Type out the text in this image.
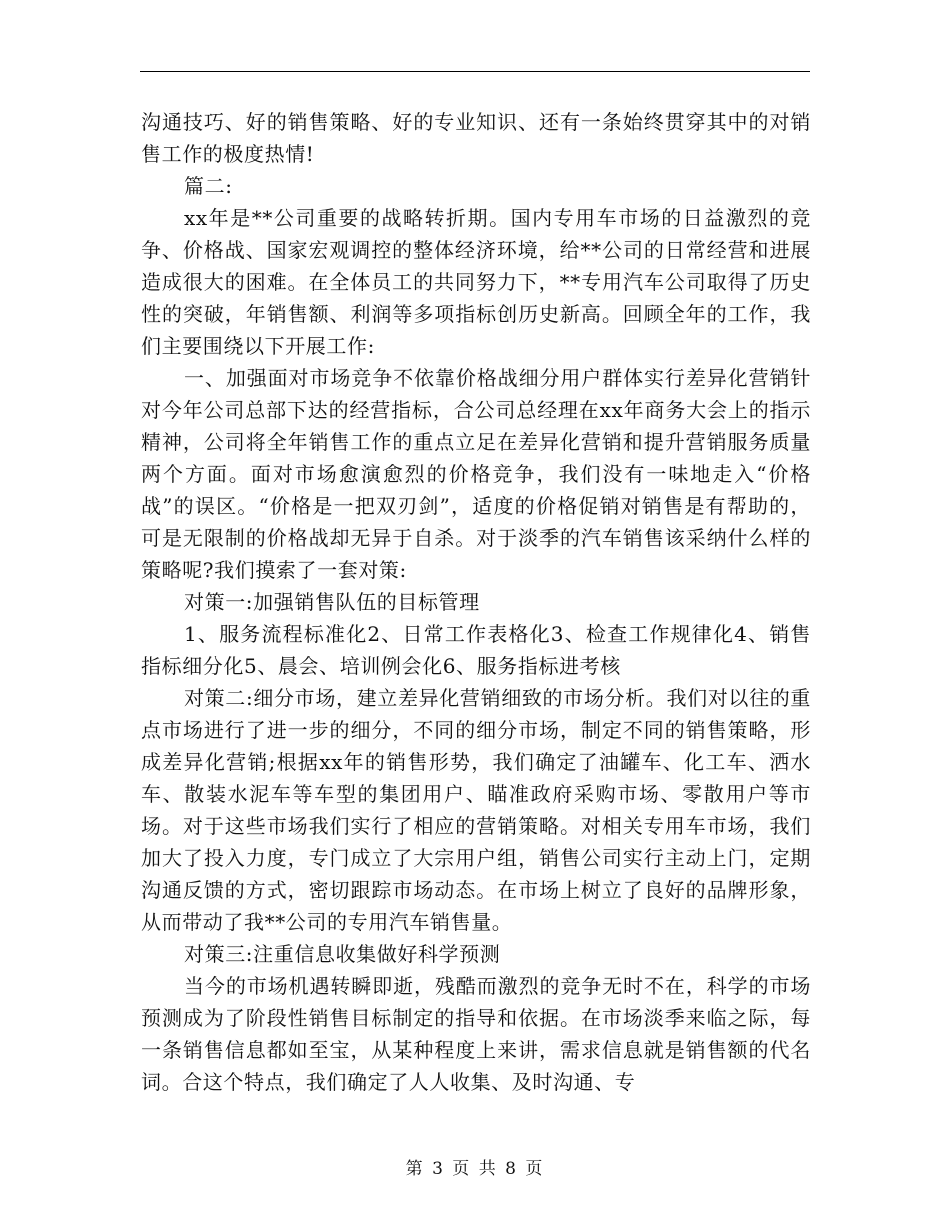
沟通技巧、好的销售策略、好的专业知识、还有一条始终贯穿其中的对销售工作的极度热情!

篇二:

xx年是**公司重要的战略转折期。国内专用车市场的日益激烈的竞争、价格战、国家宏观调控的整体经济环境，给**公司的日常经营和进展造成很大的困难。在全体员工的共同努力下，**专用汽车公司取得了历史性的突破，年销售额、利润等多项指标创历史新高。回顾全年的工作，我们主要围绕以下开展工作:

一、加强面对市场竞争不依靠价格战细分用户群体实行差异化营销针对今年公司总部下达的经营指标，合公司总经理在xx年商务大会上的指示精神，公司将全年销售工作的重点立足在差异化营销和提升营销服务质量两个方面。面对市场愈演愈烈的价格竞争，我们没有一味地走入“价格战”的误区。“价格是一把双刃剑”，适度的价格促销对销售是有帮助的，可是无限制的价格战却无异于自杀。对于淡季的汽车销售该采纳什么样的策略呢?我们摸索了一套对策:

对策一:加强销售队伍的目标管理

1、服务流程标准化2、日常工作表格化3、检查工作规律化4、销售指标细分化5、晨会、培训例会化6、服务指标进考核

对策二:细分市场，建立差异化营销细致的市场分析。我们对以往的重点市场进行了进一步的细分，不同的细分市场，制定不同的销售策略，形成差异化营销;根据xx年的销售形势，我们确定了油罐车、化工车、洒水车、散装水泥车等车型的集团用户、瞄准政府采购市场、零散用户等市场。对于这些市场我们实行了相应的营销策略。对相关专用车市场，我们加大了投入力度，专门成立了大宗用户组，销售公司实行主动上门，定期沟通反馈的方式，密切跟踪市场动态。在市场上树立了良好的品牌形象，从而带动了我**公司的专用汽车销售量。

对策三:注重信息收集做好科学预测

当今的市场机遇转瞬即逝，残酷而激烈的竞争无时不在，科学的市场预测成为了阶段性销售目标制定的指导和依据。在市场淡季来临之际，每一条销售信息都如至宝，从某种程度上来讲，需求信息就是销售额的代名词。合这个特点，我们确定了人人收集、及时沟通、专

第 3 页 共 8 页
